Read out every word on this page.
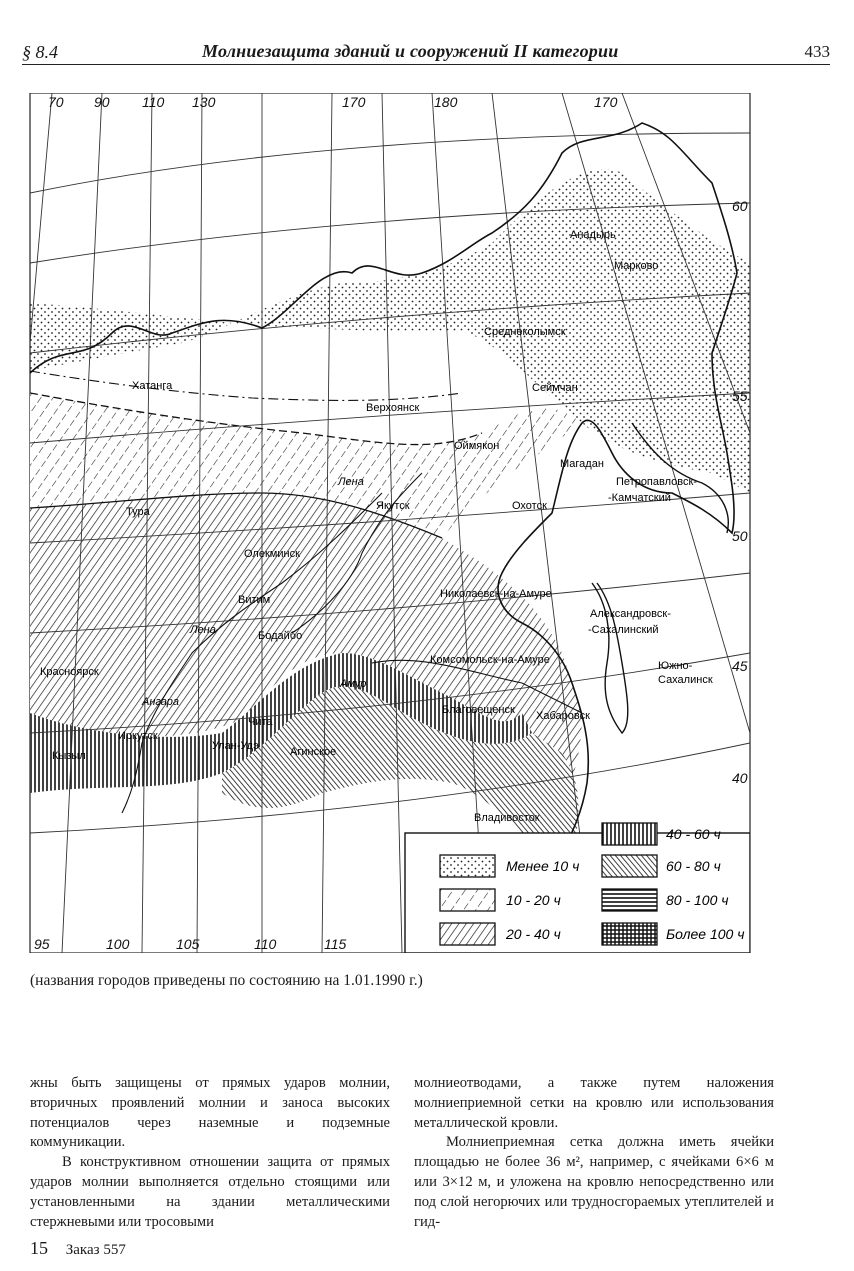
§ 8.4	Молниезащита зданий и сооружений II категории	433
70 90 110 130	170	180	170
95	100	105	110	115
60
55
50
45
40
Анадырь
Марково
Среднеколымск
Хатанга
Верхоянск
Сеймчан
Оймякон
Магадан
Петропавловск-
-Камчатский
Лена
Якутск	Охотск
Тура
Олекминск
Витим
Лена	Бодайбо
Николаевск-на-Амуре
Александровск-
-Сахалинский
Комсомольск-на-Амуре	Южно-
Сахалинск
Красноярск
Амур
Благовещенск Хабаровск
Ангара
Иркутск
Чита
Улан-Удэ	Агинское
Кызыл
Владивосток
Менее 10 ч
10 - 20 ч
20 - 40 ч
40 - 60 ч
60 - 80 ч
80 - 100 ч
Более 100 ч
(названия городов приведены по состоянию на 1.01.1990 г.)

жны быть защищены от прямых ударов молнии, вторичных проявлений молнии и заноса высоких потенциалов через наземные и подземные коммуникации.

В конструктивном отношении защита от прямых ударов молнии выполняется отдельно стоящими или установленными на здании металлическими стержневыми или тросовыми

молниеотводами, а также путем наложения молниеприемной сетки на кровлю или использования металлической кровли.

Молниеприемная сетка должна иметь ячейки площадью не более 36 м², например, с ячейками 6×6 м или 3×12 м, и уложена на кровлю непосредственно или под слой негорючих или трудносгораемых утеплителей и гид-

15 Заказ 557
